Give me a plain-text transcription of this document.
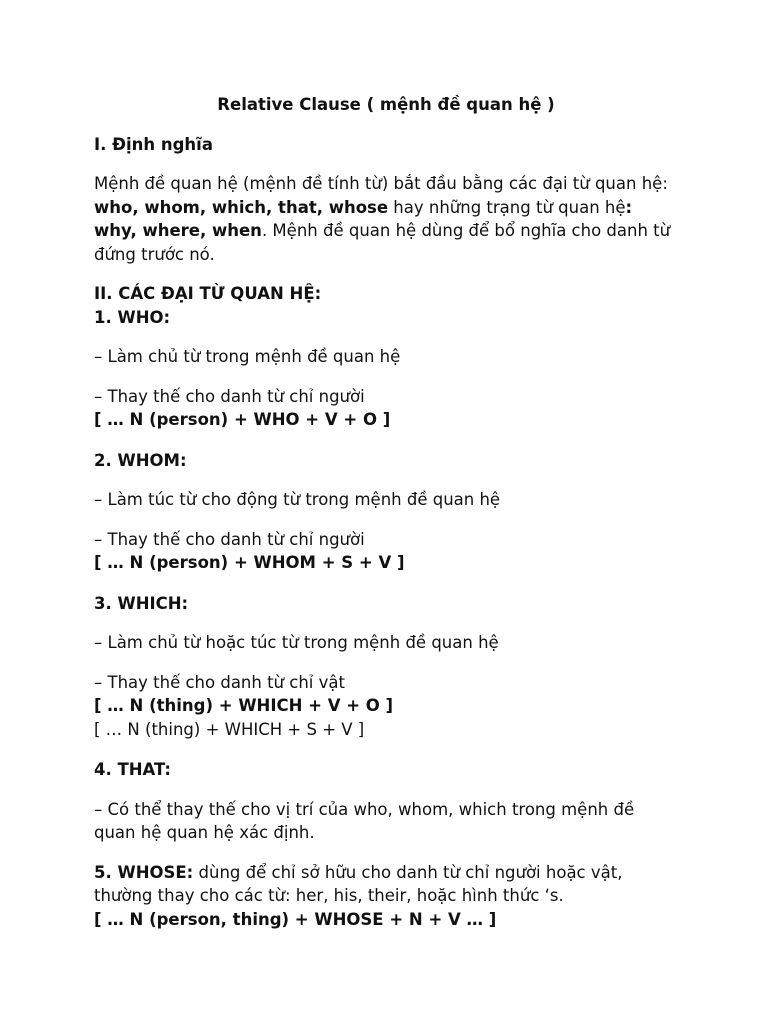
Relative Clause ( mệnh đề quan hệ )

I. Định nghĩa

Mệnh đề quan hệ (mệnh đề tính từ) bắt đầu bằng các đại từ quan hệ: who, whom, which, that, whose hay những trạng từ quan hệ: why, where, when. Mệnh đề quan hệ dùng để bổ nghĩa cho danh từ đứng trước nó.

II. CÁC ĐẠI TỪ QUAN HỆ:

1. WHO:

– Làm chủ từ trong mệnh đề quan hệ

– Thay thế cho danh từ chỉ người

[ … N (person) + WHO + V + O ]

2. WHOM:

– Làm túc từ cho động từ trong mệnh đề quan hệ

– Thay thế cho danh từ chỉ người

[ … N (person) + WHOM + S + V ]

3. WHICH:

– Làm chủ từ hoặc túc từ trong mệnh đề quan hệ

– Thay thế cho danh từ chỉ vật

[ … N (thing) + WHICH + V + O ]

[ … N (thing) + WHICH + S + V ]

4. THAT:

– Có thể thay thế cho vị trí của who, whom, which trong mệnh đề quan hệ quan hệ xác định.

5. WHOSE: dùng để chỉ sở hữu cho danh từ chỉ người hoặc vật, thường thay cho các từ: her, his, their, hoặc hình thức ‘s.

[ … N (person, thing) + WHOSE + N + V … ]
